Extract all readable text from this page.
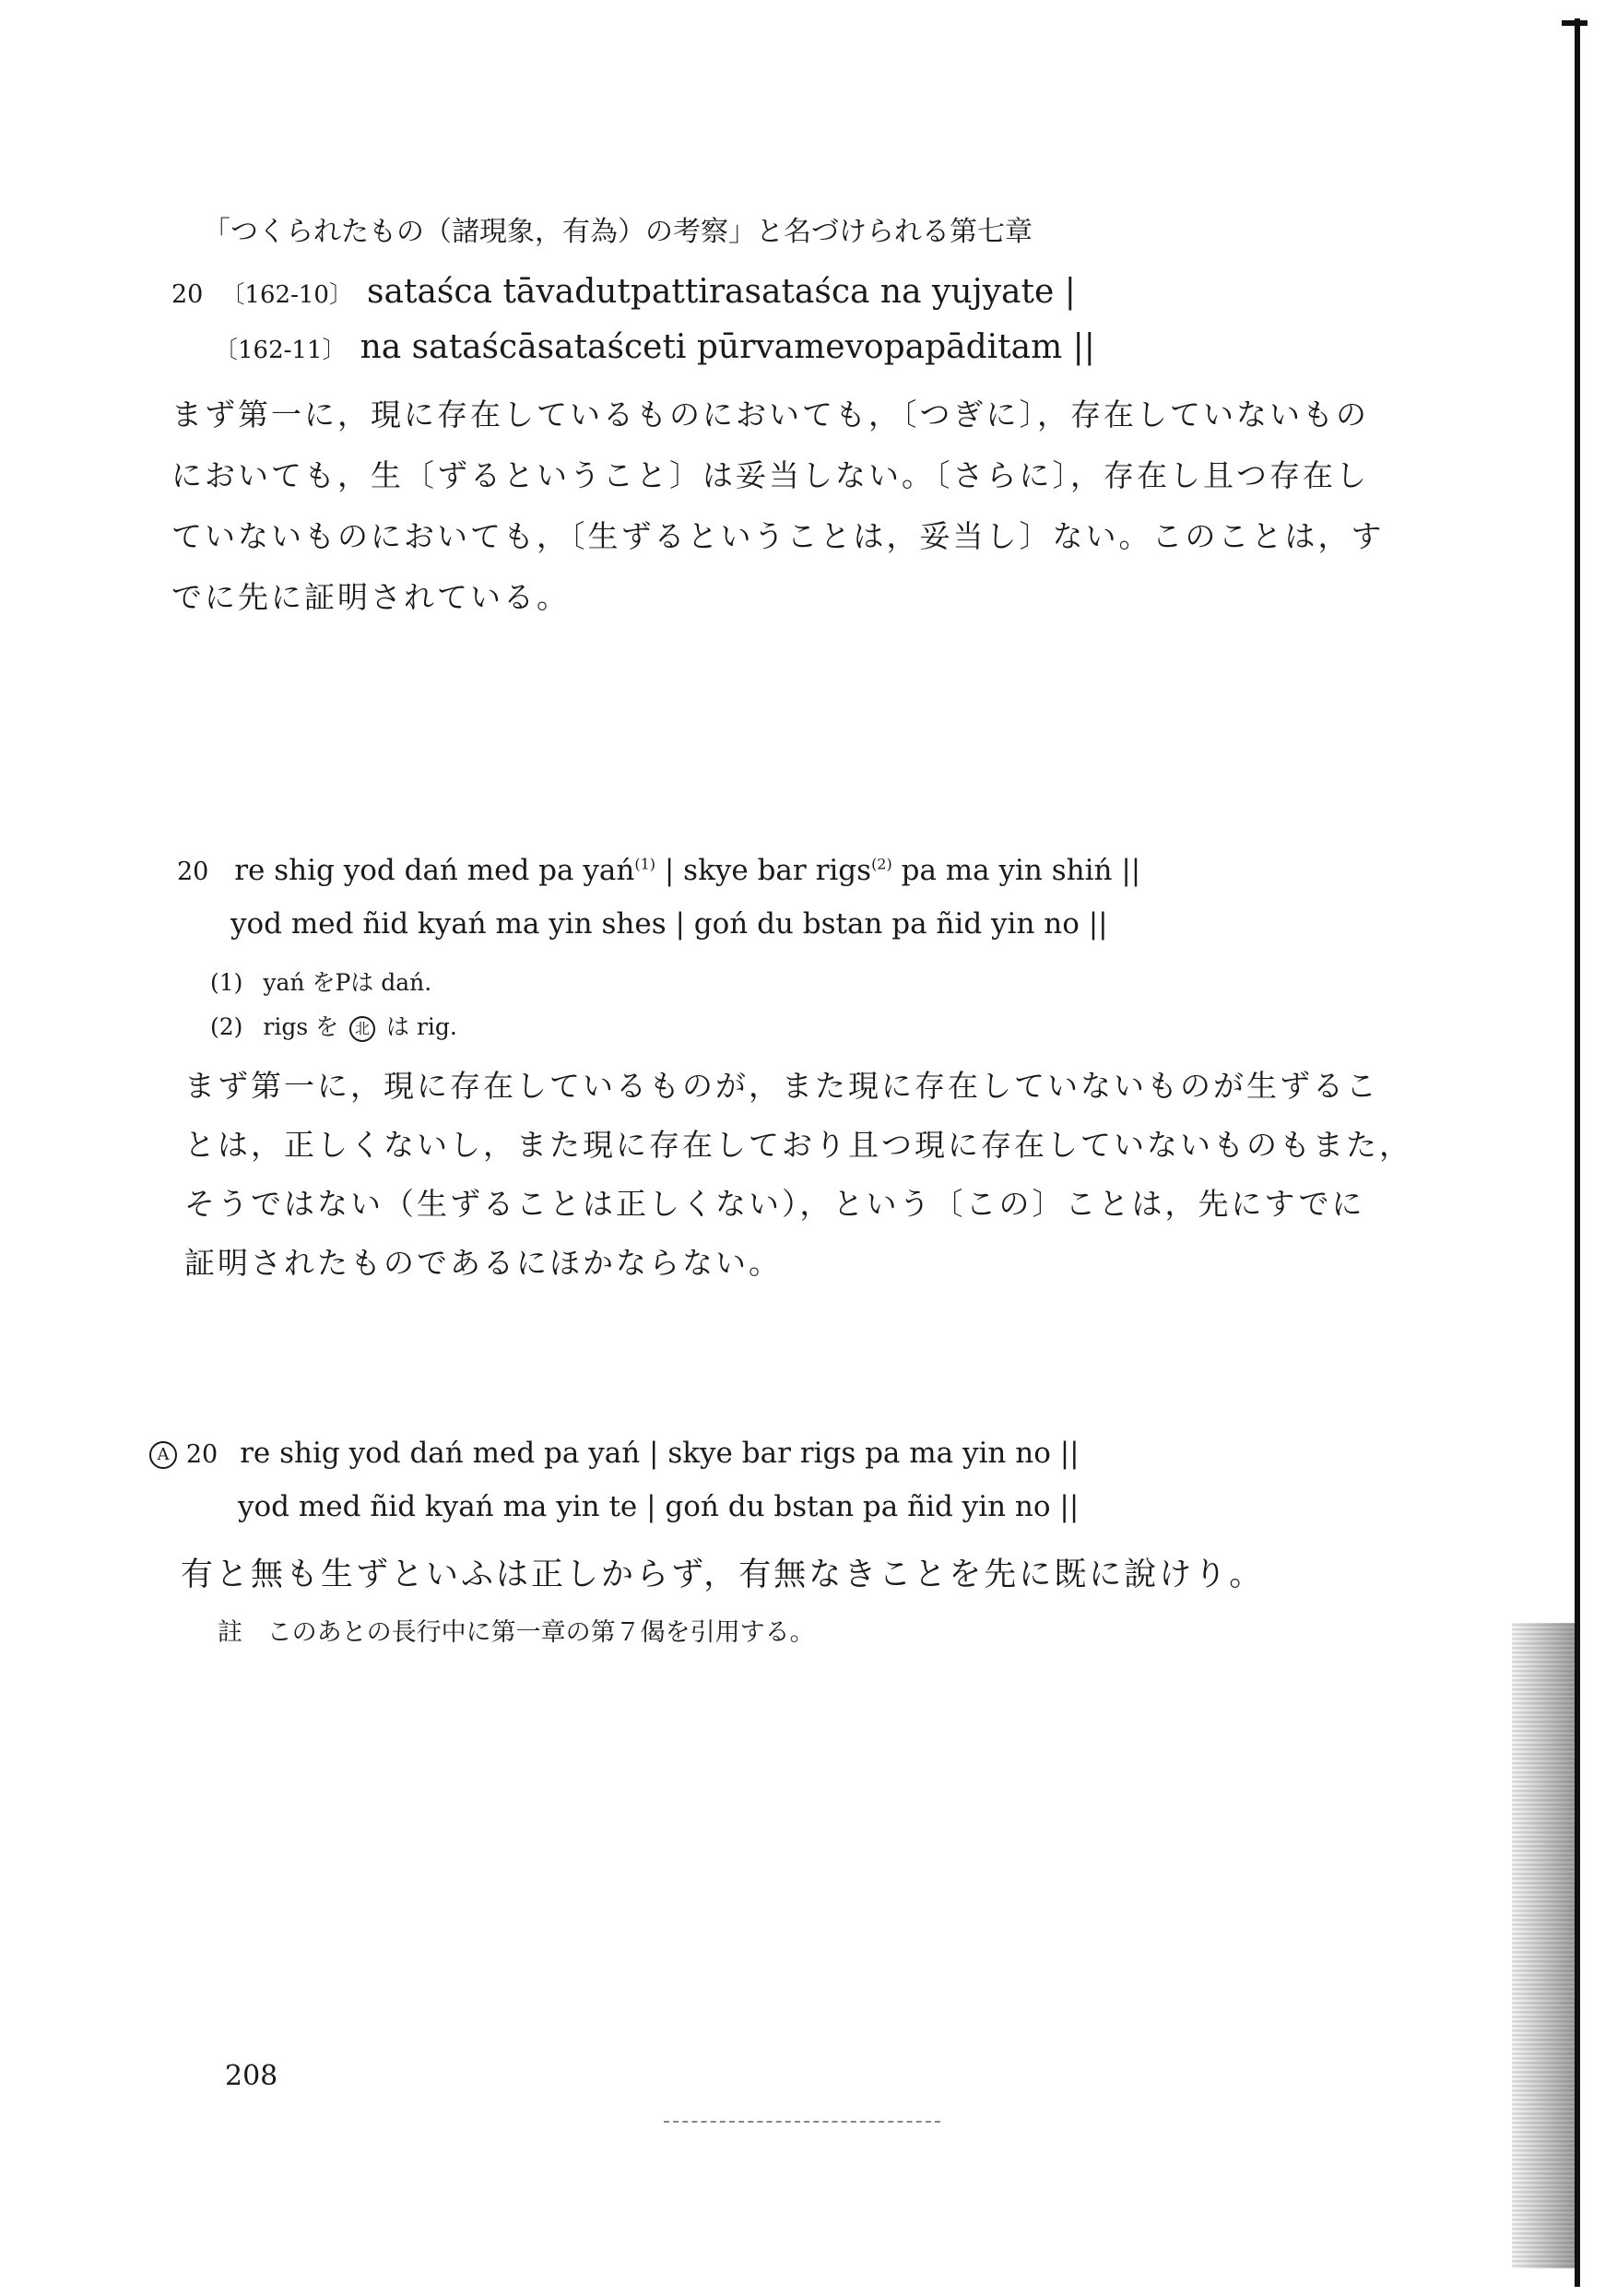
「つくられたもの（諸現象，有為）の考察」と名づけられる第七章
20 〔162-10〕 sataśca tāvadutpattirasataśca na yujyate |
〔162-11〕 na sataścāsataśceti pūrvamevopapāditam ||
まず第一に，現に存在しているものにおいても，〔つぎに〕，存在していないもの
においても，生〔ずるということ〕は妥当しない。〔さらに〕，存在し且つ存在し
ていないものにおいても，〔生ずるということは，妥当し〕ない。このことは，す
でに先に証明されている。
20 re shig yod dań med pa yań$^{(1)}$ | skye bar rigs$^{(2)}$ pa ma yin shiń ||
yod med ñid kyań ma yin shes | goń du bstan pa ñid yin no ||
(1) yań をPは dań.
(2) rigs を 北 は rig.
まず第一に，現に存在しているものが，また現に存在していないものが生ずるこ
とは，正しくないし，また現に存在しており且つ現に存在していないものもまた，
そうではない（生ずることは正しくない），という〔この〕ことは，先にすでに
証明されたものであるにほかならない。
A 20 re shig yod dań med pa yań | skye bar rigs pa ma yin no ||
yod med ñid kyań ma yin te | goń du bstan pa ñid yin no ||
有と無も生ずといふは正しからず，有無なきことを先に既に說けり。
註 このあとの長行中に第一章の第７偈を引用する。
208
